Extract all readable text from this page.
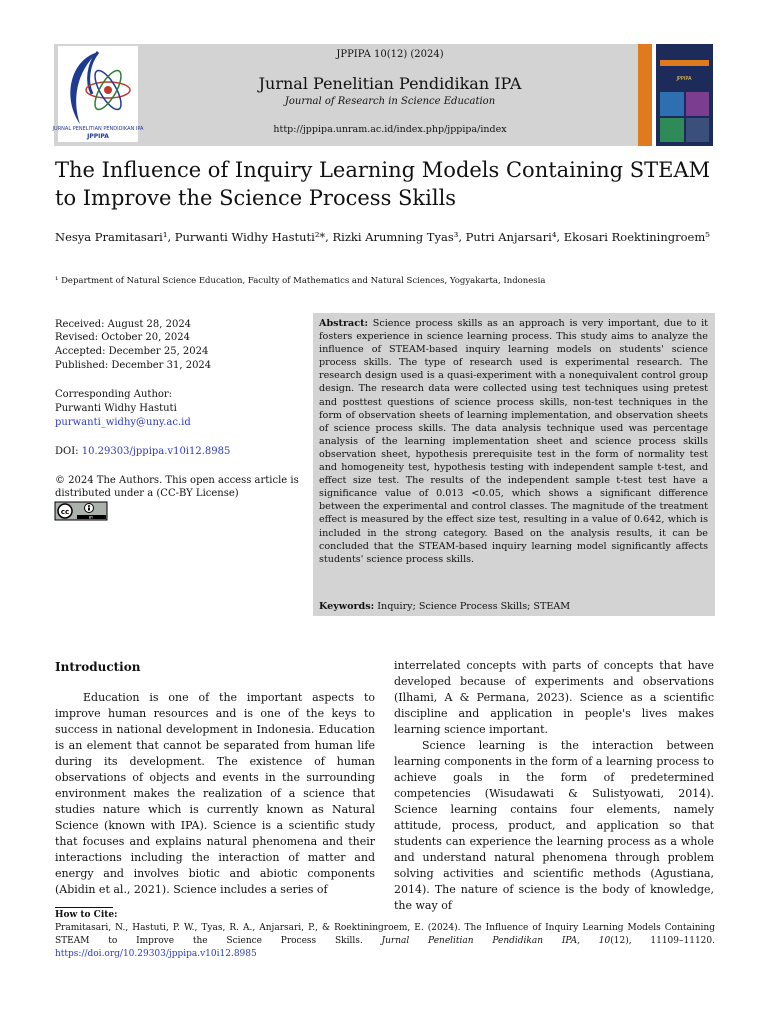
JURNAL PENELITIAN PENDIDIKAN IPA
JPPIPA
JPPIPA 10(12) (2024)
Jurnal Penelitian Pendidikan IPA
Journal of Research in Science Education
http://jppipa.unram.ac.id/index.php/jppipa/index
JPPIPA
The Influence of Inquiry Learning Models Containing STEAM
to Improve the Science Process Skills
Nesya Pramitasari¹, Purwanti Widhy Hastuti²*, Rizki Arumning Tyas³, Putri Anjarsari⁴, Ekosari Roektiningroem⁵
¹ Department of Natural Science Education, Faculty of Mathematics and Natural Sciences, Yogyakarta, Indonesia
Received: August 28, 2024
Revised: October 20, 2024
Accepted: December 25, 2024
Published: December 31, 2024
Corresponding Author:
Purwanti Widhy Hastuti
purwanti_widhy@uny.ac.id
DOI: 10.29303/jppipa.v10i12.8985
© 2024 The Authors. This open access article is distributed under a (CC-BY License)
cc
BY
Abstract: Science process skills as an approach is very important, due to it fosters experience in science learning process. This study aims to analyze the influence of STEAM-based inquiry learning models on students' science process skills. The type of research used is experimental research. The research design used is a quasi-experiment with a nonequivalent control group design. The research data were collected using test techniques using pretest and posttest questions of science process skills, non-test techniques in the form of observation sheets of learning implementation, and observation sheets of science process skills. The data analysis technique used was percentage analysis of the learning implementation sheet and science process skills observation sheet, hypothesis prerequisite test in the form of normality test and homogeneity test, hypothesis testing with independent sample t-test, and effect size test. The results of the independent sample t-test test have a significance value of 0.013 <0.05, which shows a significant difference between the experimental and control classes. The magnitude of the treatment effect is measured by the effect size test, resulting in a value of 0.642, which is included in the strong category. Based on the analysis results, it can be concluded that the STEAM-based inquiry learning model significantly affects students' science process skills.
Keywords: Inquiry; Science Process Skills; STEAM
Introduction
Education is one of the important aspects to improve human resources and is one of the keys to success in national development in Indonesia. Education is an element that cannot be separated from human life during its development. The existence of human observations of objects and events in the surrounding environment makes the realization of a science that studies nature which is currently known as Natural Science (known with IPA). Science is a scientific study that focuses and explains natural phenomena and their interactions including the interaction of matter and energy and involves biotic and abiotic components (Abidin et al., 2021). Science includes a series of
interrelated concepts with parts of concepts that have developed because of experiments and observations (Ilhami, A & Permana, 2023). Science as a scientific discipline and application in people's lives makes learning science important.
Science learning is the interaction between learning components in the form of a learning process to achieve goals in the form of predetermined competencies (Wisudawati & Sulistyowati, 2014). Science learning contains four elements, namely attitude, process, product, and application so that students can experience the learning process as a whole and understand natural phenomena through problem solving activities and scientific methods (Agustiana, 2014). The nature of science is the body of knowledge, the way of
How to Cite:
Pramitasari, N., Hastuti, P. W., Tyas, R. A., Anjarsari, P., & Roektiningroem, E. (2024). The Influence of Inquiry Learning Models Containing STEAM to Improve the Science Process Skills. Jurnal Penelitian Pendidikan IPA, 10(12), 11109–11120. https://doi.org/10.29303/jppipa.v10i12.8985
